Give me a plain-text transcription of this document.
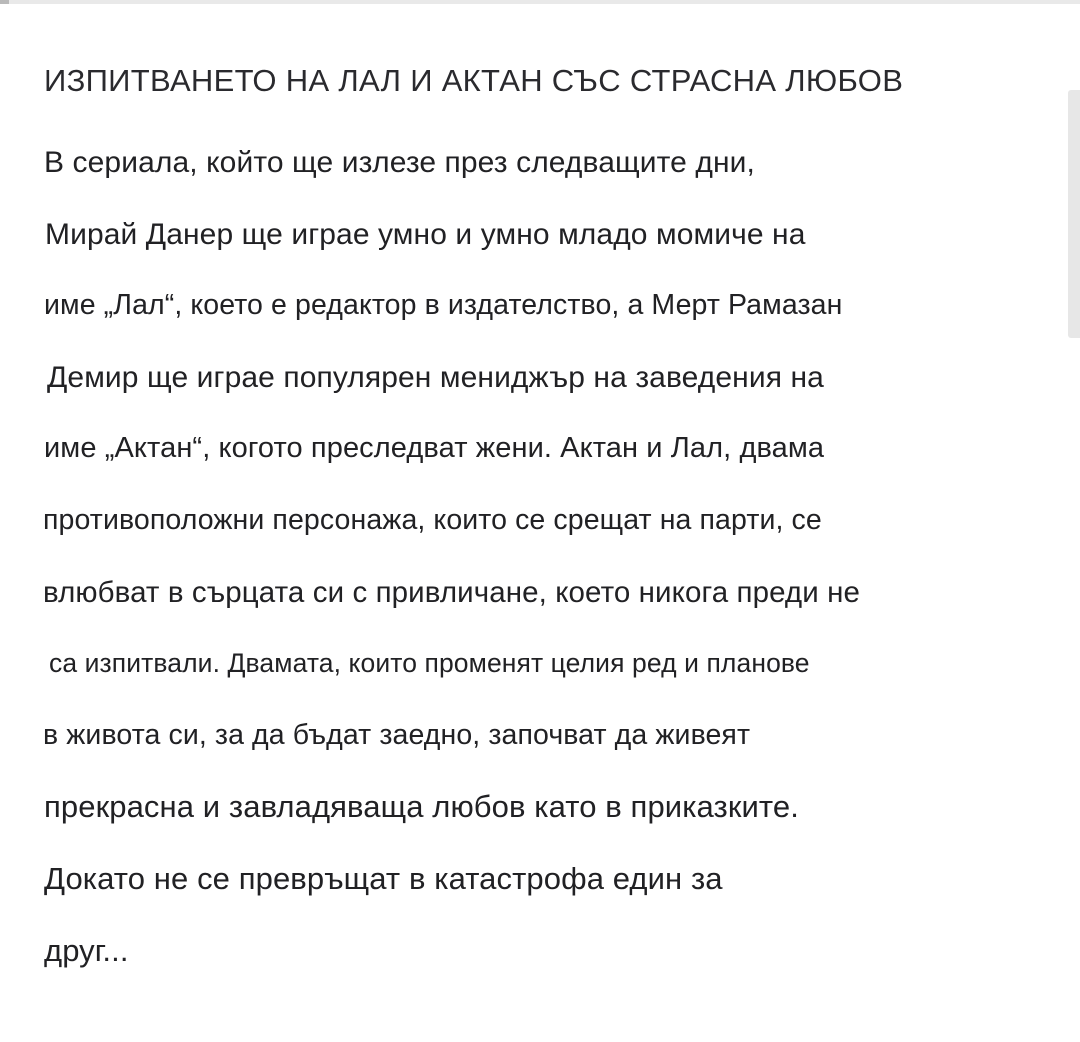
ИЗПИТВАНЕТО НА ЛАЛ И АКТАН СЪС СТРАСНА ЛЮБОВ
В сериала, който ще излезе през следващите дни,
Мирай Данер ще играе умно и умно младо момиче на
име „Лал“, което е редактор в издателство, а Мерт Рамазан
Демир ще играе популярен мениджър на заведения на
име „Актан“, когото преследват жени. Актан и Лал, двама
противоположни персонажа, които се срещат на парти, се
влюбват в сърцата си с привличане, което никога преди не
са изпитвали. Двамата, които променят целия ред и планове
в живота си, за да бъдат заедно, започват да живеят
прекрасна и завладяваща любов като в приказките.
Докато не се превръщат в катастрофа един за
друг...
